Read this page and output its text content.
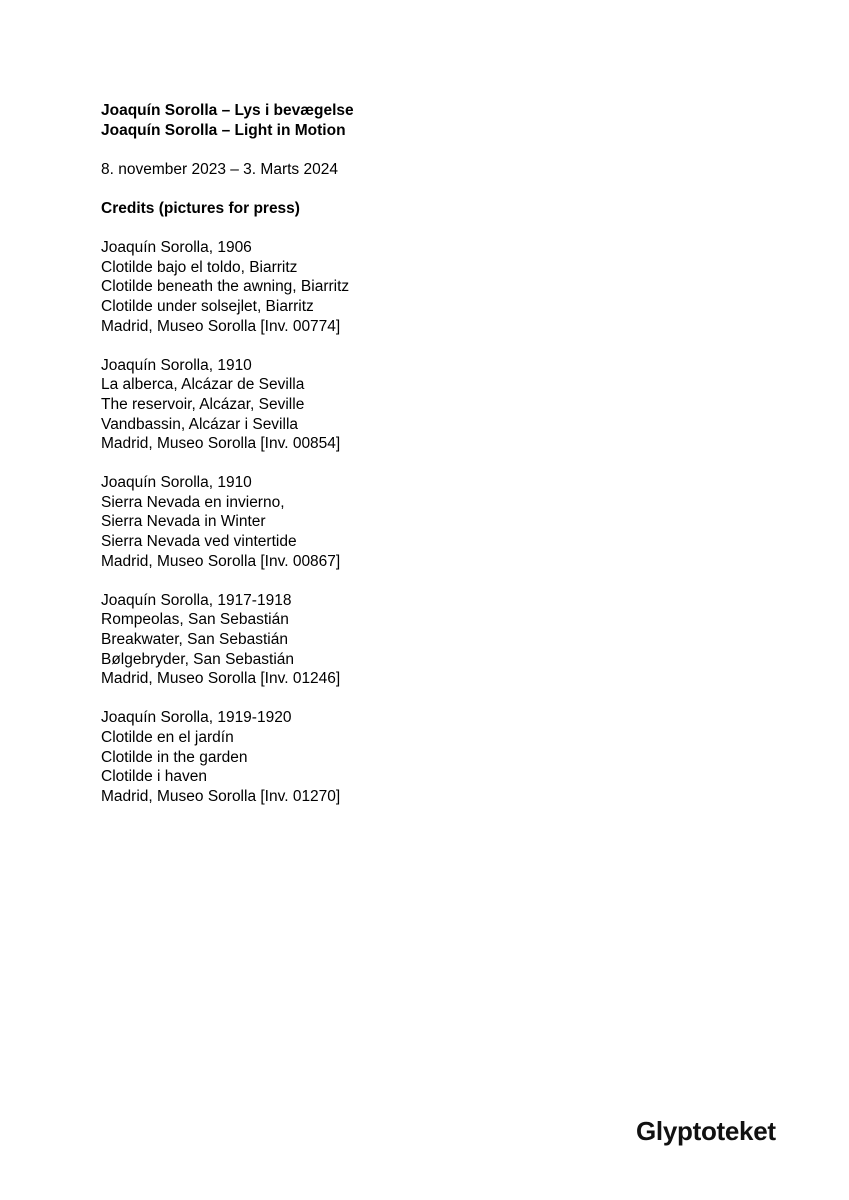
Joaquín Sorolla – Lys i bevægelse
Joaquín Sorolla – Light in Motion
8. november 2023 – 3. Marts 2024
Credits (pictures for press)
Joaquín Sorolla, 1906
Clotilde bajo el toldo, Biarritz
Clotilde beneath the awning, Biarritz
Clotilde under solsejlet, Biarritz
Madrid, Museo Sorolla [Inv. 00774]
Joaquín Sorolla, 1910
La alberca, Alcázar de Sevilla
The reservoir, Alcázar, Seville
Vandbassin, Alcázar i Sevilla
Madrid, Museo Sorolla [Inv. 00854]
Joaquín Sorolla, 1910
Sierra Nevada en invierno,
Sierra Nevada in Winter
Sierra Nevada ved vintertide
Madrid, Museo Sorolla [Inv. 00867]
Joaquín Sorolla, 1917-1918
Rompeolas, San Sebastián
Breakwater, San Sebastián
Bølgebryder, San Sebastián
Madrid, Museo Sorolla [Inv. 01246]
Joaquín Sorolla, 1919-1920
Clotilde en el jardín
Clotilde in the garden
Clotilde i haven
Madrid, Museo Sorolla [Inv. 01270]
Glyptoteket
